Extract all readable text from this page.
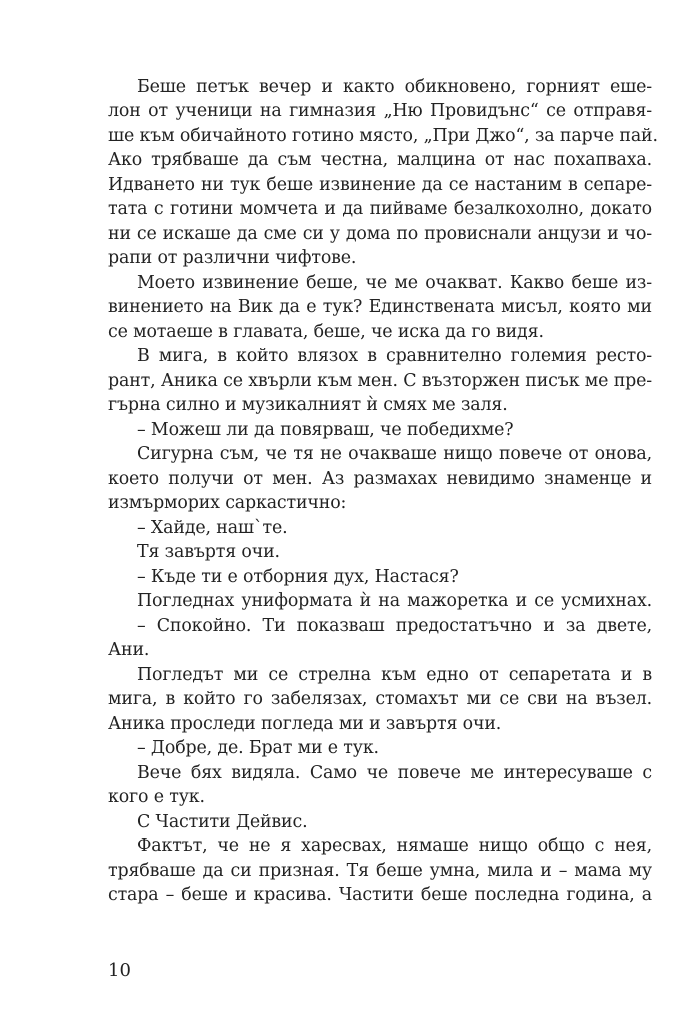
Беше петък вечер и както обикновено, горният еше-
лон от ученици на гимназия „Ню Провидънс“ се отправя-
ше към обичайното готино място, „При Джо“, за парче пай.
Ако трябваше да съм честна, малцина от нас похапваха.
Идването ни тук беше извинение да се настаним в сепаре-
тата с готини момчета и да пийваме безалкохолно, докато
ни се искаше да сме си у дома по провиснали анцузи и чо-
рапи от различни чифтове.
Моето извинение беше, че ме очакват. Какво беше из-
винението на Вик да е тук? Единствената мисъл, която ми
се мотаеше в главата, беше, че искa да го видя.
В мига, в който влязох в сравнително големия ресто-
рант, Аника се хвърли към мен. С възторжен писък ме пре-
гърна силно и музикалният ѝ смях ме заля.
– Можеш ли да повярваш, че победихме?
Сигурна съм, че тя не очакваше нищо повече от онова,
което получи от мен. Аз размахах невидимо знаменце и
измърморих саркастично:
– Хайде, наш`те.
Тя завъртя очи.
– Къде ти е отборния дух, Настася?
Погледнах униформата ѝ на мажоретка и се усмихнах.
– Спокойно. Ти показваш предостатъчно и за двете,
Ани.
Погледът ми се стрелна към едно от сепаретата и в
мига, в който го забелязах, стомахът ми се сви на възел.
Аника проследи погледа ми и завъртя очи.
– Добре, де. Брат ми е тук.
Вече бях видяла. Само че повече ме интересуваше с
кого е тук.
С Частити Дейвис.
Фактът, че не я харесвах, нямаше нищо общо с нея,
трябваше да си призная. Тя беше умна, мила и – мама му
стара – беше и красива. Частити беше последна година, а
10
